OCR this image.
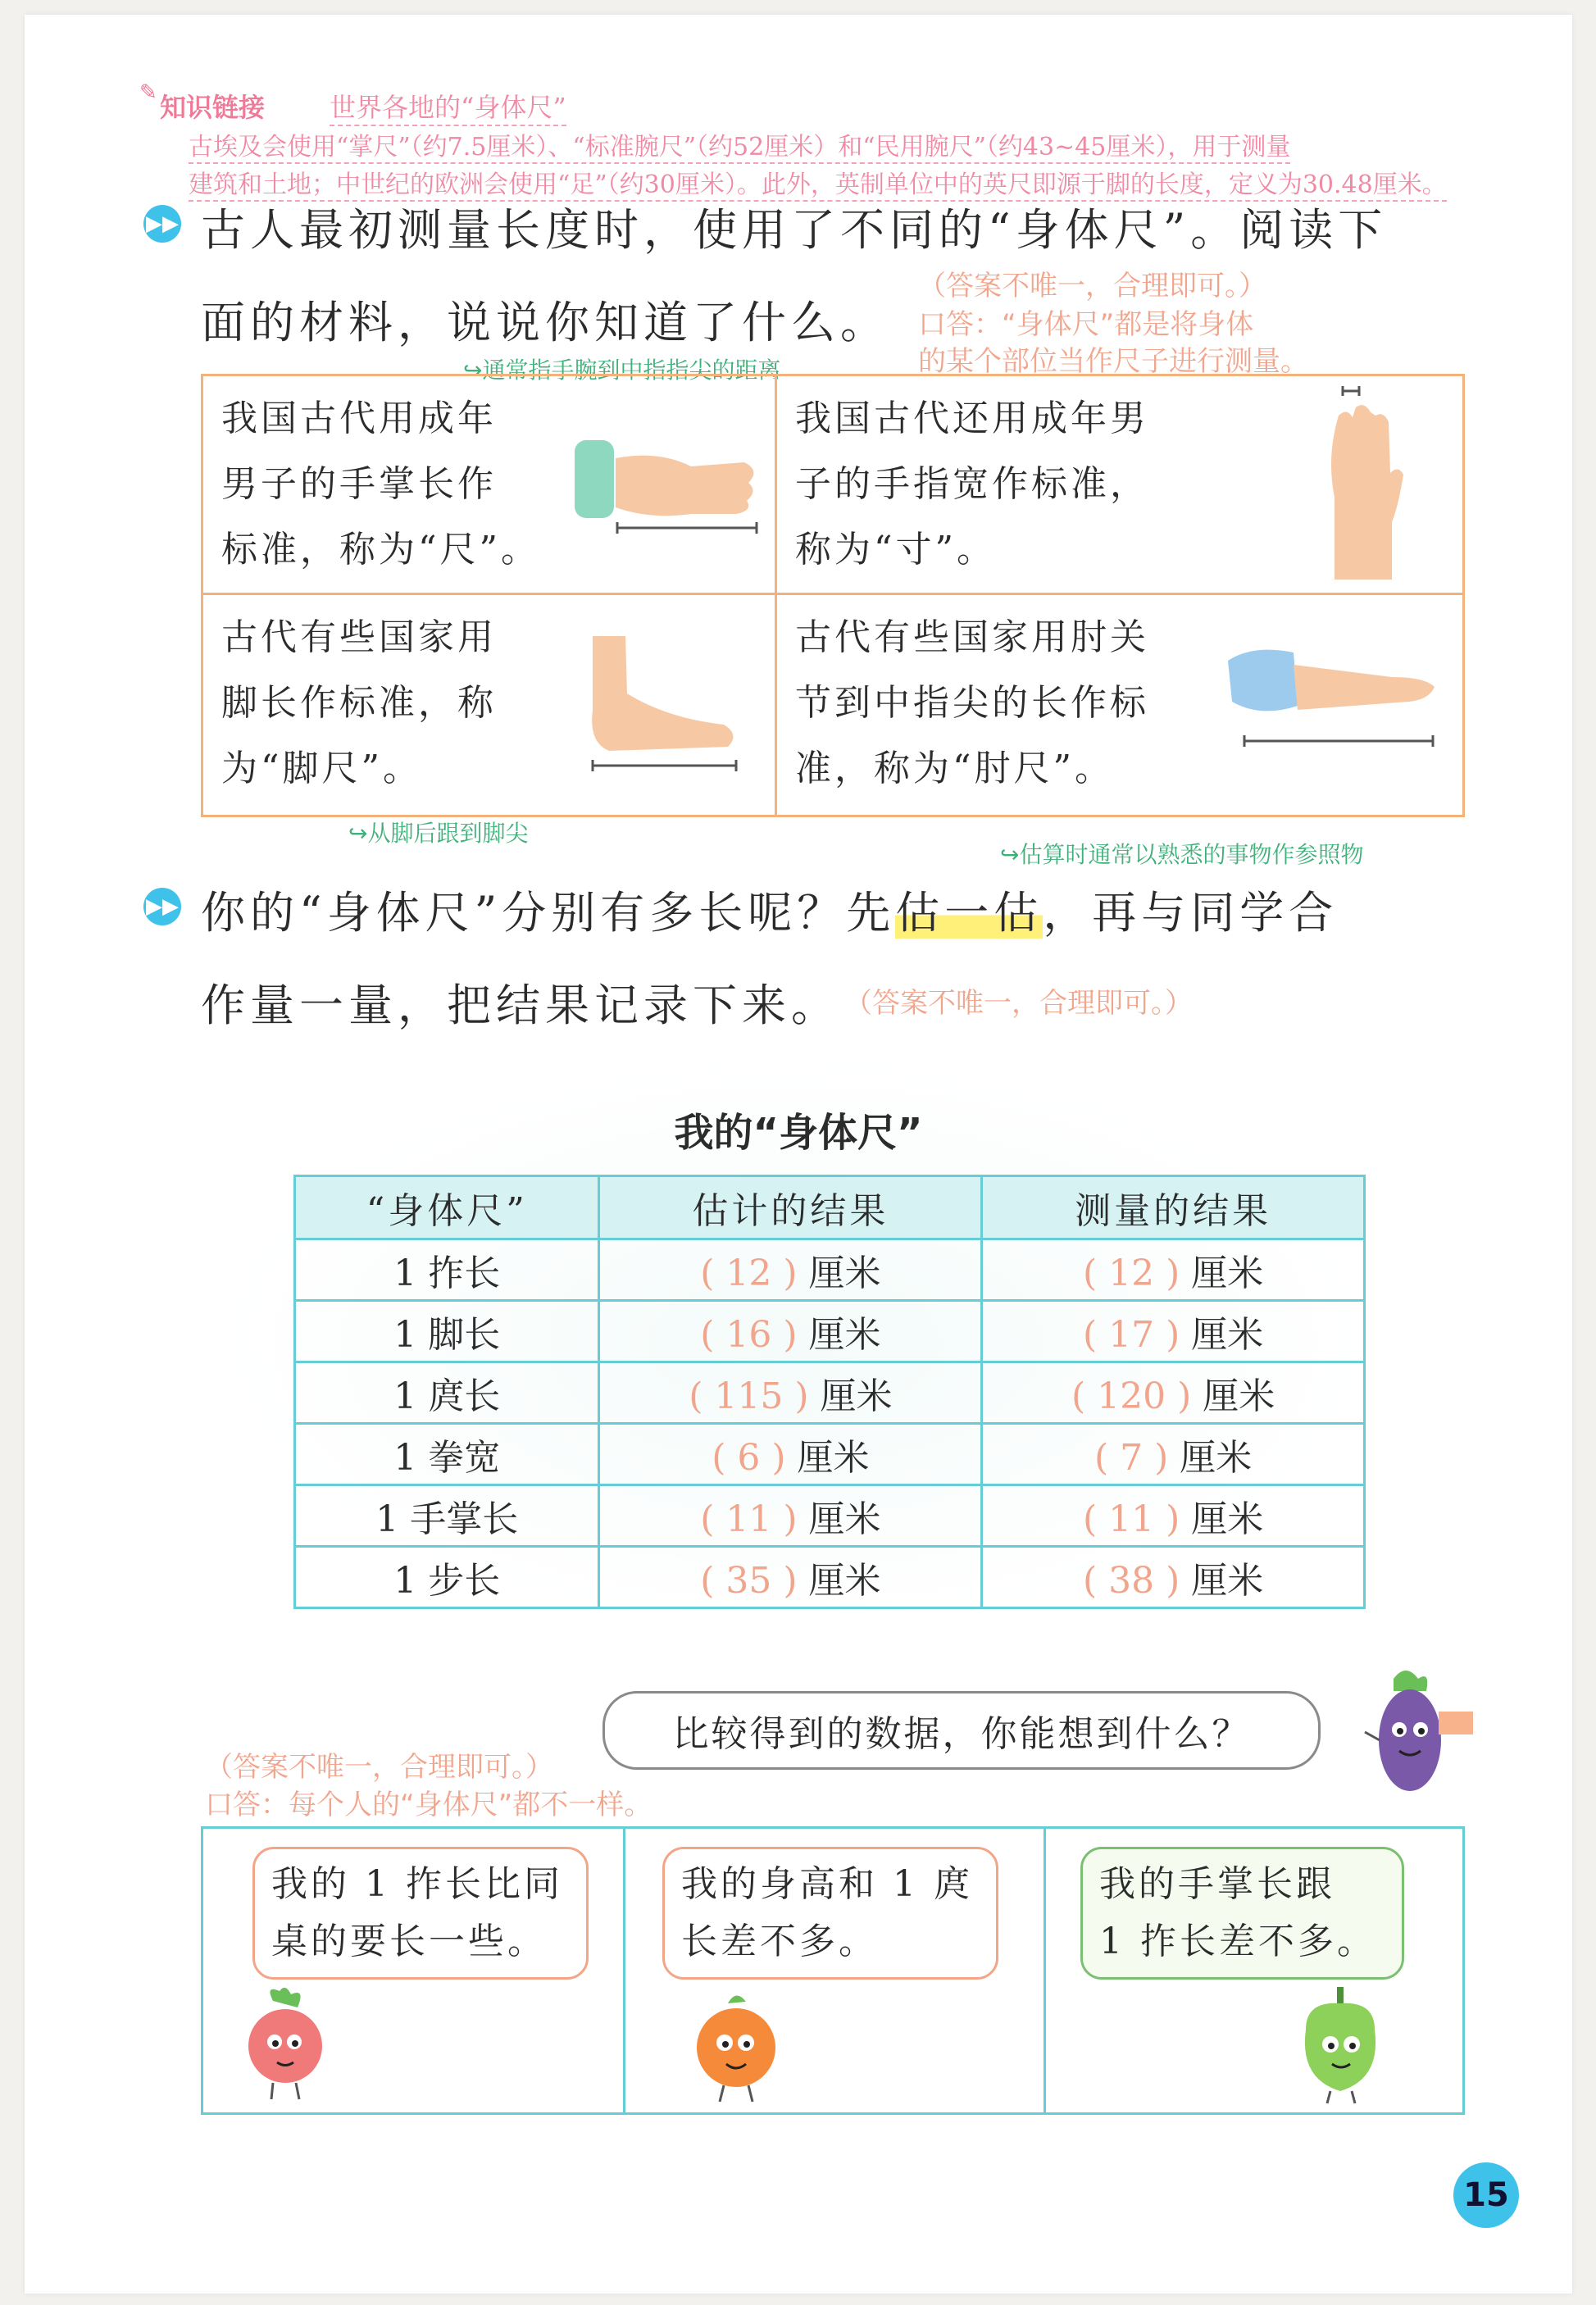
✎ 知识链接 世界各地的“身体尺”
古埃及会使用“掌尺”（约7.5厘米）、“标准腕尺”（约52厘米）和“民用腕尺”（约43~45厘米），用于测量
建筑和土地；中世纪的欧洲会使用“足”（约30厘米）。此外，英制单位中的英尺即源于脚的长度，定义为30.48厘米。
▶▶ 古人最初测量长度时，使用了不同的“身体尺”。阅读下
面的材料，说说你知道了什么。
（答案不唯一，合理即可。）
口答：“身体尺”都是将身体
的某个部位当作尺子进行测量。
↪通常指手腕到中指指尖的距离
我国古代用成年
男子的手掌长作
标准，称为“尺”。
我国古代还用成年男
子的手指宽作标准，
称为“寸”。
古代有些国家用
脚长作标准，称
为“脚尺”。
古代有些国家用肘关
节到中指尖的长作标
准，称为“肘尺”。
↪从脚后跟到脚尖
↪估算时通常以熟悉的事物作参照物
▶▶ 你的“身体尺”分别有多长呢？先估一估，再与同学合
作量一量，把结果记录下来。 （答案不唯一，合理即可。）
我的“身体尺”
“身体尺”	估计的结果	测量的结果
1 拃长	( 12 ) 厘米	( 12 ) 厘米
1 脚长	( 16 ) 厘米	( 17 ) 厘米
1 庹长	( 115 ) 厘米	( 120 ) 厘米
1 拳宽	( 6 ) 厘米	( 7 ) 厘米
1 手掌长	( 11 ) 厘米	( 11 ) 厘米
1 步长	( 35 ) 厘米	( 38 ) 厘米
比较得到的数据，你能想到什么？
（答案不唯一，合理即可。）
口答：每个人的“身体尺”都不一样。
我的 1 拃长比同
桌的要长一些。
我的身高和 1 庹
长差不多。
我的手掌长跟
1 拃长差不多。
15
